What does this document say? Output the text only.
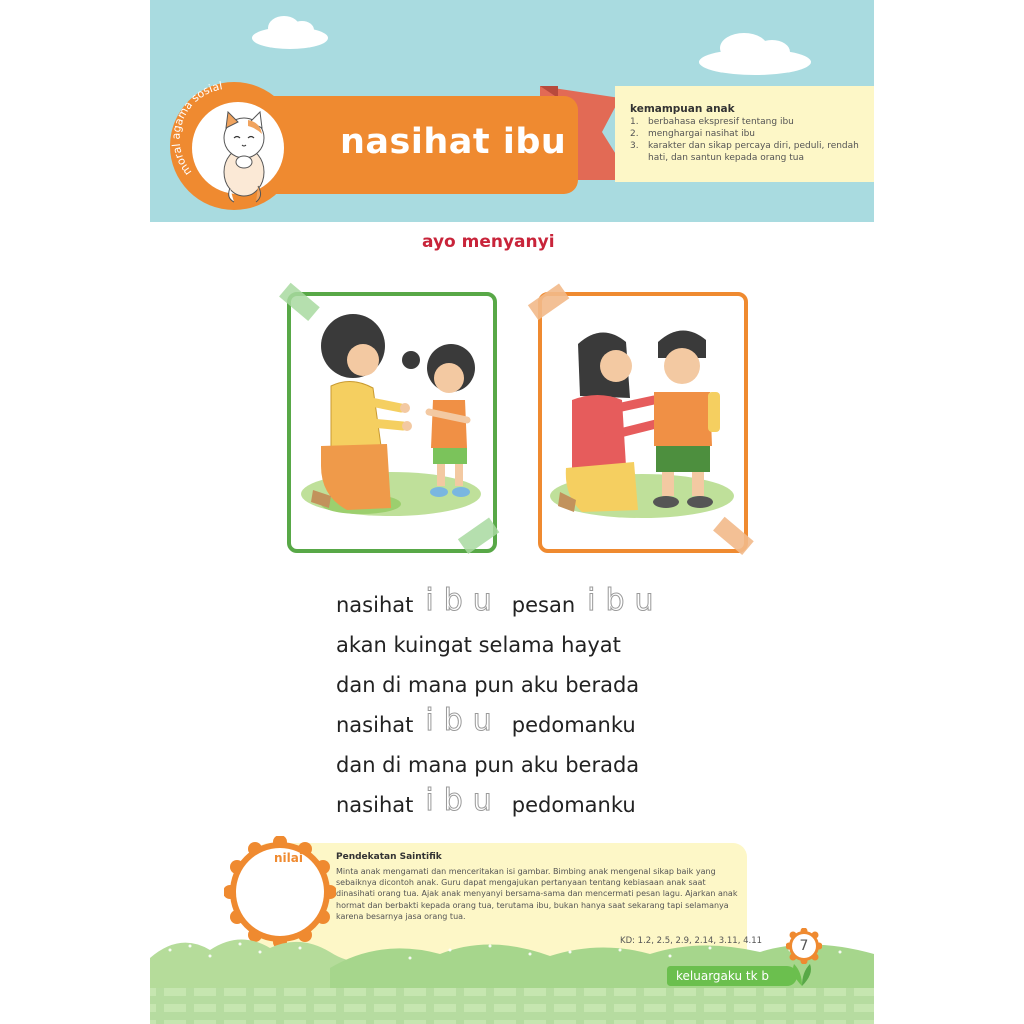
kemampuan anak
1. berbahasa ekspresif tentang ibu
2. menghargai nasihat ibu
3. karakter dan sikap percaya diri, peduli, rendah hati, dan santun kepada orang tua
nasihat ibu
moral agama sosial
ayo menyanyi
nasihat ibu pesan ibu
akan kuingat selama hayat
dan di mana pun aku berada
nasihat ibu pedomanku
dan di mana pun aku berada
nasihat ibu pedomanku
nilai	Pendekatan Saintifik
Minta anak mengamati dan menceritakan isi gambar. Bimbing anak mengenal sikap baik yang sebaiknya dicontoh anak. Guru dapat mengajukan pertanyaan tentang kebiasaan anak saat dinasihati orang tua. Ajak anak menyanyi bersama-sama dan mencermati pesan lagu. Ajarkan anak hormat dan berbakti kepada orang tua, terutama ibu, bukan hanya saat sekarang tapi selamanya karena besarnya jasa orang tua.
KD: 1.2, 2.5, 2.9, 2.14, 3.11, 4.11	7
keluargaku tk b
